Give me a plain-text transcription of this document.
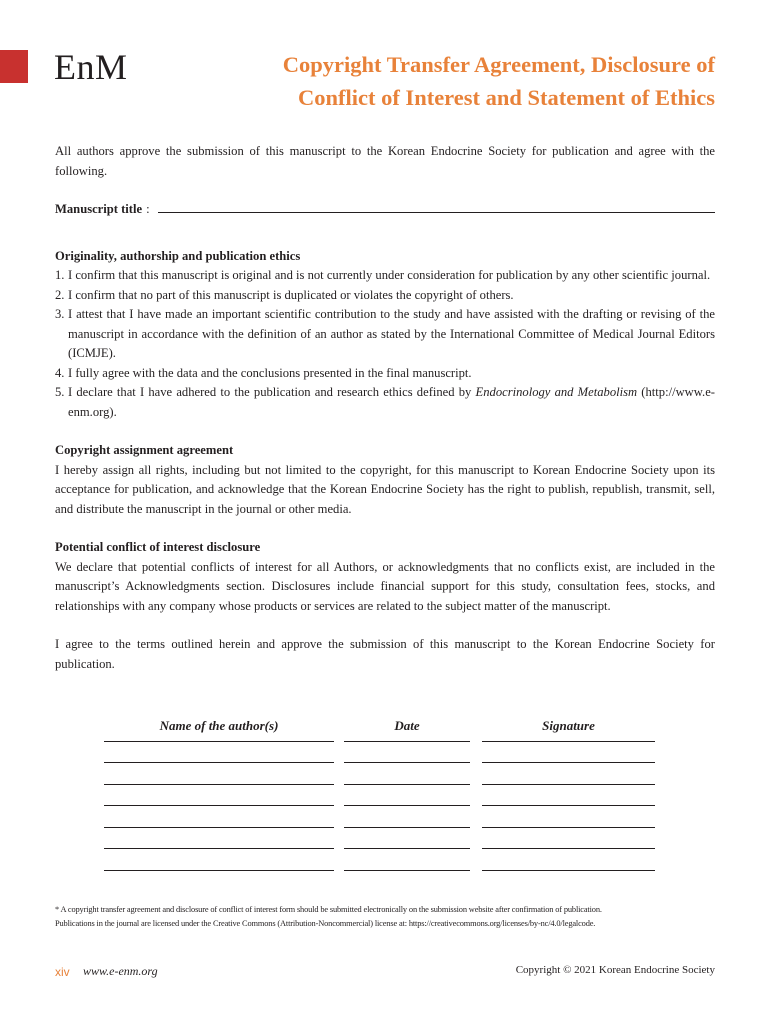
EnM	Copyright Transfer Agreement, Disclosure of
Conflict of Interest and Statement of Ethics

All authors approve the submission of this manuscript to the Korean Endocrine Society for publication and agree with the following.

Manuscript title :

Originality, authorship and publication ethics

1. I confirm that this manuscript is original and is not currently under consideration for publication by any other scientific journal.
2. I confirm that no part of this manuscript is duplicated or violates the copyright of others.
3. I attest that I have made an important scientific contribution to the study and have assisted with the drafting or revising of the manuscript in accordance with the definition of an author as stated by the International Committee of Medical Journal Editors (ICMJE).
4. I fully agree with the data and the conclusions presented in the final manuscript.
5. I declare that I have adhered to the publication and research ethics defined by Endocrinology and Metabolism (http://www.e-enm.org).

Copyright assignment agreement

I hereby assign all rights, including but not limited to the copyright, for this manuscript to Korean Endocrine Society upon its acceptance for publication, and acknowledge that the Korean Endocrine Society has the right to publish, republish, transmit, sell, and distribute the manuscript in the journal or other media.

Potential conflict of interest disclosure

We declare that potential conflicts of interest for all Authors, or acknowledgments that no conflicts exist, are included in the manuscript’s Acknowledgments section. Disclosures include financial support for this study, consultation fees, stocks, and relationships with any company whose products or services are related to the subject matter of the manuscript.

I agree to the terms outlined herein and approve the submission of this manuscript to the Korean Endocrine Society for publication.

Name of the author(s)	Date	Signature
* A copyright transfer agreement and disclosure of conflict of interest form should be submitted electronically on the submission website after confirmation of publication.
Publications in the journal are licensed under the Creative Commons (Attribution-Noncommercial) license at: https://creativecommons.org/licenses/by-nc/4.0/legalcode.
xiv www.e-enm.org	Copyright © 2021 Korean Endocrine Society
